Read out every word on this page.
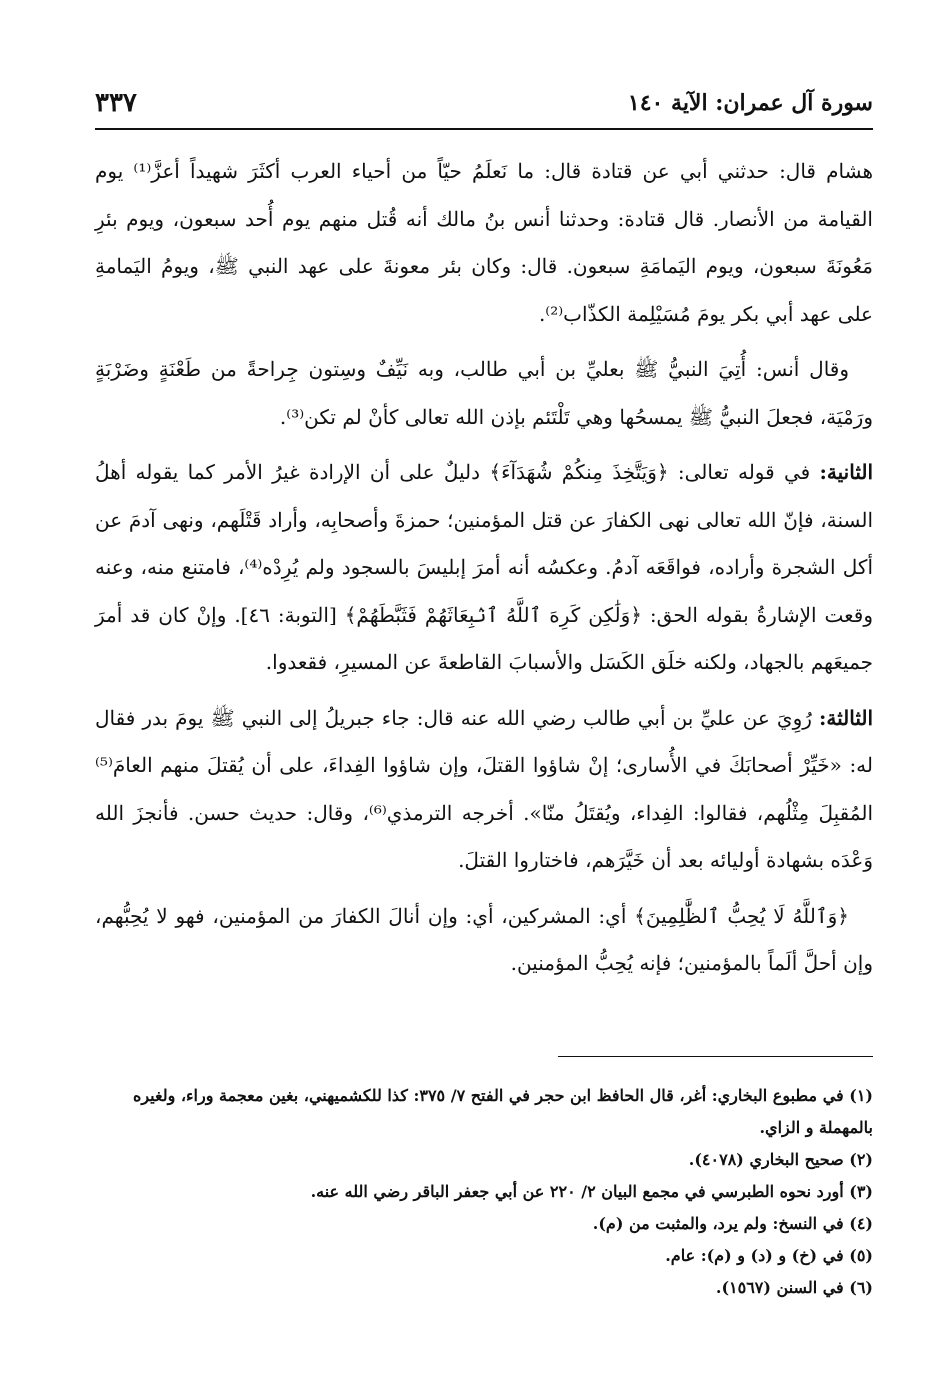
سورة آل عمران: الآية ١٤٠
٣٣٧

هشام قال: حدثني أبي عن قتادة قال: ما نَعلَمُ حيّاً من أحياء العرب أكثَرَ شهيداً أعزَّ⁽¹⁾ يوم القيامة من الأنصار. قال قتادة: وحدثنا أنس بنُ مالك أنه قُتل منهم يوم أُحد سبعون، ويوم بئرِ مَعُونَةَ سبعون، ويوم اليَمامَةِ سبعون. قال: وكان بئر معونةَ على عهد النبي ﷺ، ويومُ اليَمامةِ على عهد أبي بكر يومَ مُسَيْلِمة الكذّاب⁽²⁾.

وقال أنس: أُتِيَ النبيُّ ﷺ بعليِّ بن أبي طالب، وبه نَيِّفٌ وسِتون جِراحةً من طَعْنَةٍ وضَرْبَةٍ ورَمْيَة، فجعلَ النبيُّ ﷺ يمسحُها وهي تَلْتَئم بإذن الله تعالى كأنْ لم تكن⁽³⁾.

الثانية: في قوله تعالى: ﴿وَيَتَّخِذَ مِنكُمْ شُهَدَآءَ﴾ دليلٌ على أن الإرادة غيرُ الأمر كما يقوله أهلُ السنة، فإنّ الله تعالى نهى الكفارَ عن قتل المؤمنين؛ حمزةَ وأصحابِه، وأراد قَتْلَهم، ونهى آدمَ عن أكل الشجرة وأراده، فواقَعَه آدمُ. وعكسُه أنه أمرَ إبليسَ بالسجود ولم يُرِدْه⁽⁴⁾، فامتنع منه، وعنه وقعت الإشارةُ بقوله الحق: ﴿وَلَٰكِن كَرِهَ ٱللَّهُ ٱنۢبِعَاثَهُمْ فَثَبَّطَهُمْ﴾ [التوبة: ٤٦]. وإنْ كان قد أمرَ جميعَهم بالجهاد، ولكنه خلَق الكَسَل والأسبابَ القاطعةَ عن المسيرِ، فقعدوا.

الثالثة: رُوِيَ عن عليِّ بن أبي طالب رضي الله عنه قال: جاء جبريلُ إلى النبي ﷺ يومَ بدر فقال له: «خَيِّرْ أصحابَكَ في الأُسارى؛ إنْ شاؤوا القتلَ، وإن شاؤوا الفِداءَ، على أن يُقتلَ منهم العامَ⁽⁵⁾ المُقبِلَ مِثْلُهم، فقالوا: الفِداء، ويُقتَلُ منّا». أخرجه الترمذي⁽⁶⁾، وقال: حديث حسن. فأنجزَ الله وَعْدَه بشهادة أوليائه بعد أن خَيَّرَهم، فاختاروا القتلَ.

﴿وَٱللَّهُ لَا يُحِبُّ ٱلظَّٰلِمِينَ﴾ أي: المشركين، أي: وإن أنالَ الكفارَ من المؤمنين، فهو لا يُحِبُّهم، وإن أحلَّ ألَماً بالمؤمنين؛ فإنه يُحِبُّ المؤمنين.

(١) في مطبوع البخاري: أغر، قال الحافظ ابن حجر في الفتح ٧/ ٣٧٥: كذا للكشميهني، بغين معجمة وراء، ولغيره بالمهملة و الزاي.
(٢) صحيح البخاري (٤٠٧٨).
(٣) أورد نحوه الطبرسي في مجمع البيان ٢/ ٢٢٠ عن أبي جعفر الباقر رضي الله عنه.
(٤) في النسخ: ولم يرد، والمثبت من (م).
(٥) في (خ) و (د) و (م): عام.
(٦) في السنن (١٥٦٧).
